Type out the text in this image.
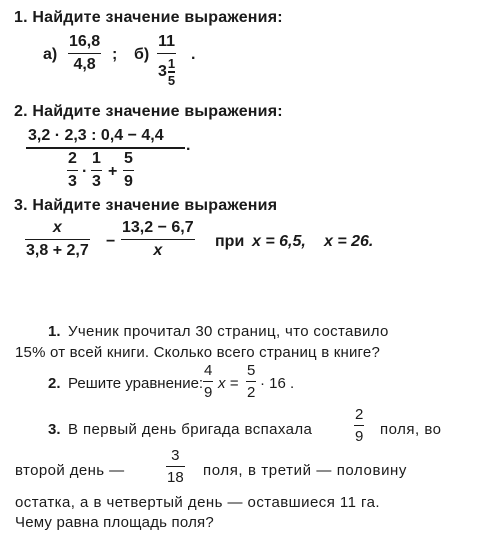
1. Найдите значение выражения:
а)
16,8
4,8
; б)
11
3 1
5
.
2. Найдите значение выражения:
3,2 · 2,3 : 0,4 − 4,4
.
2
3
·
1
3
+
5
9
3. Найдите значение выражения
x
3,8 + 2,7
−
13,2 − 6,7
x
при x = 6,5, x = 26.
1. Ученик прочитал 30 страниц, что составило
15% от всей книги. Сколько всего страниц в книге?
2. Решите уравнение:
4
9
x =
5
2
· 16 .
3. В первый день бригада вспахала
2
9 поля, во
второй день —
3
18 поля, в третий — половину
остатка, а в четвертый день — оставшиеся 11 га.
Чему равна площадь поля?
